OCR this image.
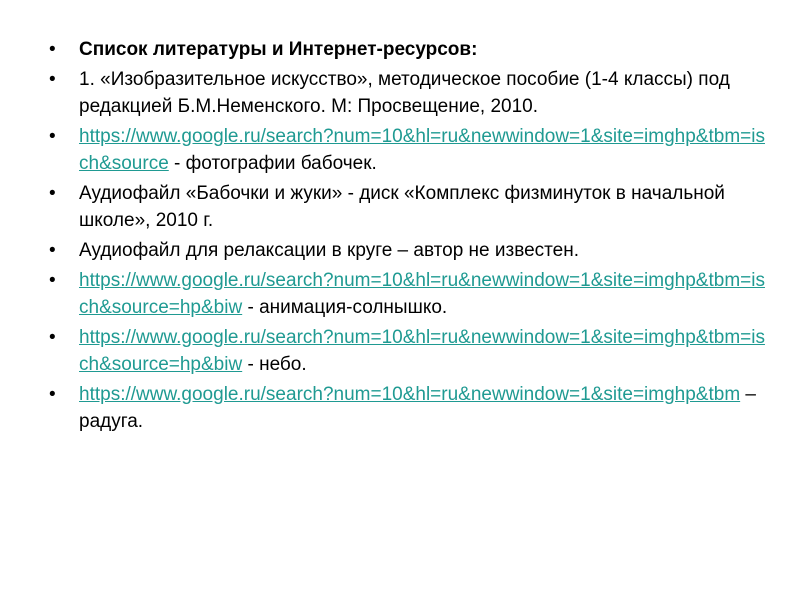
• Список литературы и Интернет-ресурсов:
• 1. «Изобразительное искусство», методическое пособие (1-4 классы) под редакцией Б.М.Неменского. М: Просвещение, 2010.
• https://www.google.ru/search?num=10&hl=ru&newwindow=1&site=imghp&tbm=isch&source - фотографии бабочек.
• Аудиофайл «Бабочки и жуки» - диск «Комплекс физминуток в начальной школе», 2010 г.
• Аудиофайл для релаксации в круге – автор не известен.
• https://www.google.ru/search?num=10&hl=ru&newwindow=1&site=imghp&tbm=isch&source=hp&biw - анимация-солнышко.
• https://www.google.ru/search?num=10&hl=ru&newwindow=1&site=imghp&tbm=isch&source=hp&biw - небо.
• https://www.google.ru/search?num=10&hl=ru&newwindow=1&site=imghp&tbm – радуга.
